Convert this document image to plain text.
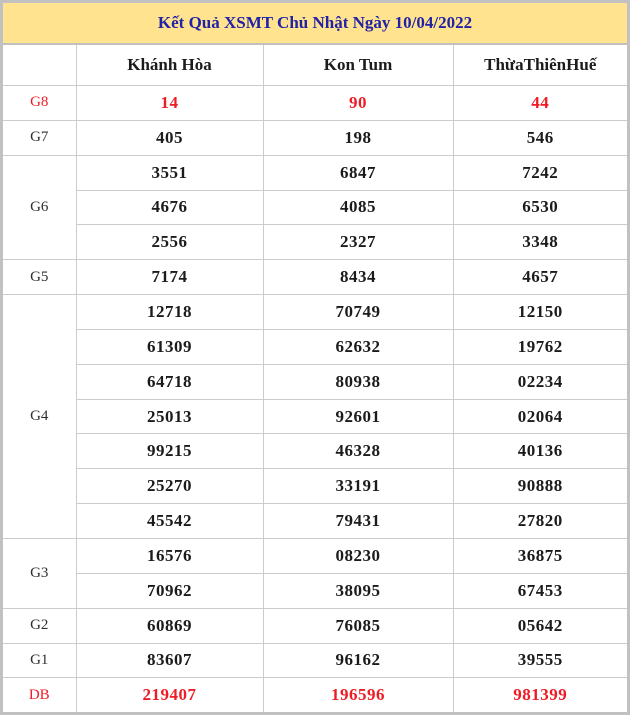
Kết Quả XSMT Chủ Nhật Ngày 10/04/2022
	Khánh Hòa	Kon Tum	ThừaThiênHuế
G8	14	90	44
G7	405	198	546
G6	3551	6847	7242
	4676	4085	6530
	2556	2327	3348
G5	7174	8434	4657
G4	12718	70749	12150
	61309	62632	19762
	64718	80938	02234
	25013	92601	02064
	99215	46328	40136
	25270	33191	90888
	45542	79431	27820
G3	16576	08230	36875
	70962	38095	67453
G2	60869	76085	05642
G1	83607	96162	39555
DB	219407	196596	981399
